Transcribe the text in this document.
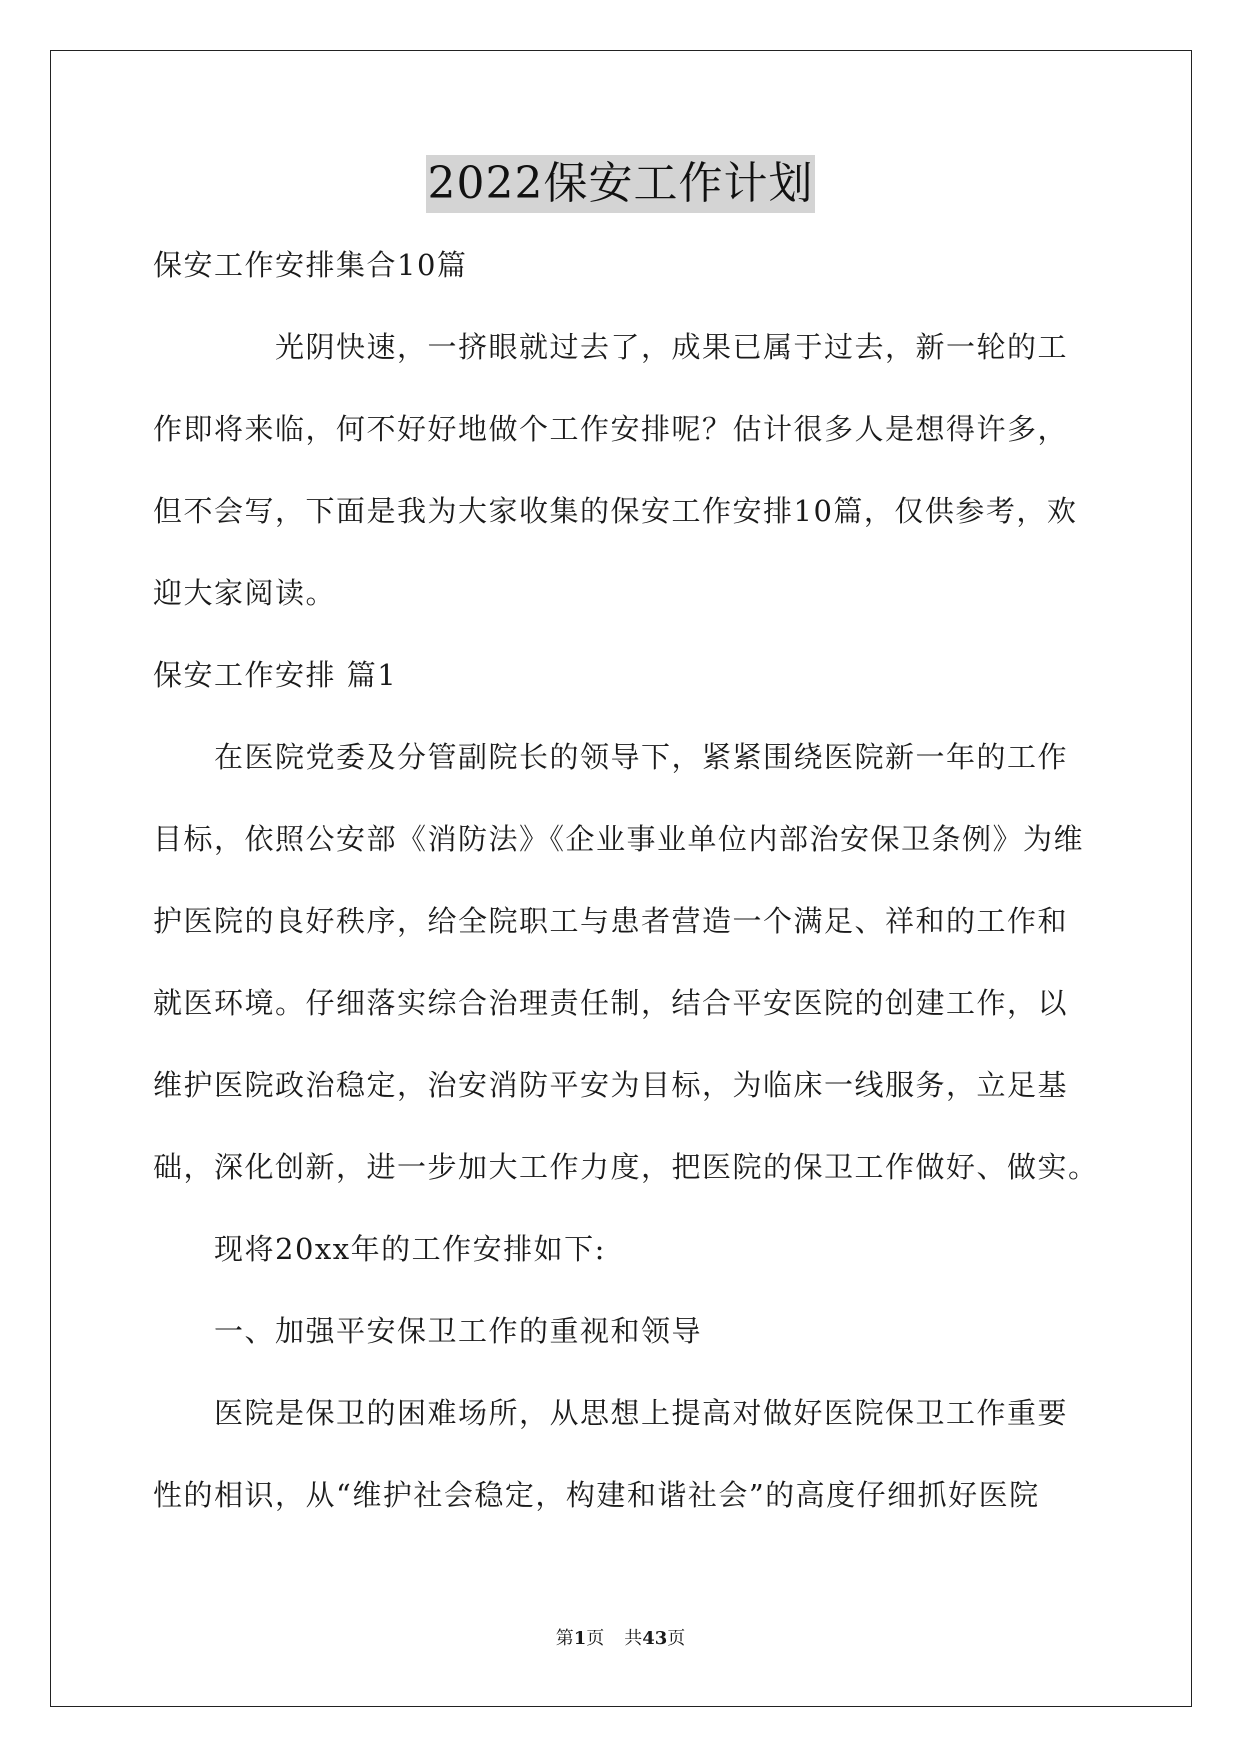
2022保安工作计划
保安工作安排集合10篇
　　　　光阴快速，一挤眼就过去了，成果已属于过去，新一轮的工
作即将来临，何不好好地做个工作安排呢？估计很多人是想得许多，
但不会写，下面是我为大家收集的保安工作安排10篇，仅供参考，欢
迎大家阅读。
保安工作安排 篇1
　　在医院党委及分管副院长的领导下，紧紧围绕医院新一年的工作
目标，依照公安部《消防法》《企业事业单位内部治安保卫条例》为维
护医院的良好秩序，给全院职工与患者营造一个满足、祥和的工作和
就医环境。仔细落实综合治理责任制，结合平安医院的创建工作，以
维护医院政治稳定，治安消防平安为目标，为临床一线服务，立足基
础，深化创新，进一步加大工作力度，把医院的保卫工作做好、做实。
　　现将20xx年的工作安排如下:
　　一、加强平安保卫工作的重视和领导
　　医院是保卫的困难场所，从思想上提高对做好医院保卫工作重要
性的相识，从“维护社会稳定，构建和谐社会”的高度仔细抓好医院
第1页 共43页
